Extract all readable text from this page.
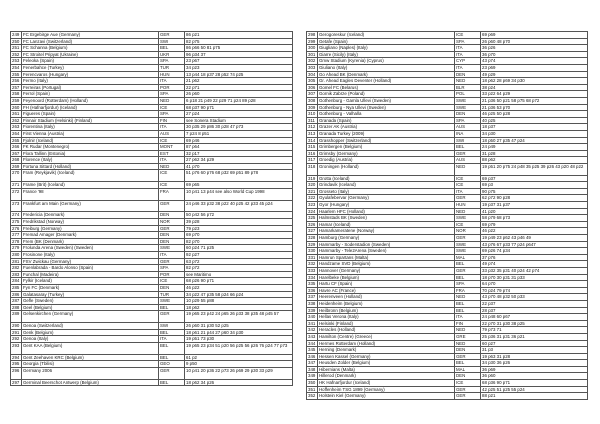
249	FC Ergebirge Aue (Germany)	GER	86 p21
250	FC Lanzavi (Switzerland)	SWI	82 p75
251	FC Schanna (Belgium)	BEL	86 p66 50 81 p75
252	FC Stroitel Pripyat (Ukraine)	UKR	96 p34 37
253	Feleoka (Spain)	SPA	23 p67
254	Fenerbahce (Turkey)	TUR	34 p23
255	Ferencvaros (Hungary)	HUN	13 p44 18 p37 28 p52 74 p25
256	Fermo (Italy)	ITA	21 p62
257	Ferreiras (Portugal)	POR	22 p71
258	Ferrol (Spain)	SPA	26 p60
259	Feyenoord (Rotterdam) (Holland)	NED	6 p18 21 p49 22 p29 71 p24 89 p28
260	FH (Hafnarfjordur) (Iceland)	ICE	68 p37 90 p71
261	Figueres (Spain)	SPA	27 p24
262	Finnair Stadium (Helsinki) (Finland)	FIN	see Sonera Stadium
263	Fiorentina (Italy)	ITA	30 p35 29 p86 30 p28 47 p73
264	First Vienna (Austria)	AUS	7 p24 8 p51
265	Fjolnir (Iceland)	ICE	69 p46
266	FK Rudar (Montenegro)	MONT	87 p64
267	Flora Tallinn (Estonia)	EST	32 p17
268	Florence (Italy)	ITA	27 p62 34 p29
269	Fortuna Sittard (Holland)	NED	41 p70
270	Fram (Reykjavik) (Iceland)	ICE	51 p76 60 p76 68 p32 69 p51 89 p78
271	Frame (Brit) (Iceland)	ICE	69 p65
272	France '98	FRA	10 p41 13 p44 see also World Cup 1998
273	Frankfurt am Main (Germany)	GER	24 p46 33 p32 38 p22 40 p25 42 p33 45 p24
274	Fredericia (Denmark)	DEN	50 p42 56 p72
275	Fredrikstad (Norway)	NOR	39 p28
276	Freiburg (Germany)	GER	79 p23
277	Fremad Amager (Denmark)	DEN	69 p70
278	Frem (BK (Denmark)	DEN	82 p70
279	Frolunda Arena (Sweden) (Sweden)	SWE	60 p24 71 p25
280	Frosinone (Italy)	ITA	92 p27
281	FSV Zwickau (Germany)	GER	63 p72
282	Fuenlabrada - Bardo Alonso (Spain)	SPA	82 p72
283	Funchal (Madeira)	POR	see Maritimo
284	Fylkir (Iceland)	ICE	68 p26 90 p71
285	Fyn FC (Denmark)	DEN	46 p22
286	Galatasaray (Turkey)	TUR	34 p22 47 p35 58 p24 66 p24
287	Gefle (Sweden)	SWE	10 p29 55 p88
288	Geel (Belgium)	BEL	18 p62
289	Gelsenkirchen (Germany)	GER	19 p65 23 p42 24 p65 26 p33 38 p35 48 p45 57
290	Genoa (Switzerland)	SWI	26 p60 31 p30 52 p25
291	Genk (Belgium)	BEL	18 p61 21 p44 27 p60 34 p30
292	Genoa (Italy)	ITA	19 p51 73 p30
293	Gent KAA (Belgium)	BEL	19 p65 23 p34 51 p20 56 p25 56 p26 76 p24 77 p73
294	Gent Zeehaven KRC (Belgium)	BEL	61 p2
295	Georgia (Tbilisi)	GEO	9 p50
296	Germany 2006	GER	10 p41 20 p36 22 p73 26 p69 29 p30 33 p29
297	Germinal Beerschot Antwerp (Belgium)	BEL	18 p62 34 p26
298	Gerogoreskur (Iceland)	ICE	69 p69
299	Getafe (Spain)	SPA	26 p60 48 p70
300	Giugliano (Naples) (Italy)	ITA	36 p26
301	Giarre (Sicily) (Italy)	ITA	36 p70
302	Gmw Stadium (Kyrenia) (Cyprus)	CYP	43 p74
303	Giuliano (Italy)	ITA	23 p69
304	Go Ahead BK (Denmark)	DEN	49 p29
305	Gr. Ahead Eagles Deventer (Holland)	NED	18 p62 28 p69 34 p30
306	Gomel FC (Belarus)	BLR	38 p24
307	Gornik Zabrze (Poland)	POL	33 p22 64 p29
308	Gothenburg - Gamla Ullevi (Sweden)	SWE	21 p36 50 p21 58 p75 68 p72
309	Gothenburg - Nya Ullevi (Sweden)	SWE	21 p36 53 p70
310	Gothenburg - Valhalla	DEN	46 p25 50 p28
311	Granada (Spain)	SPA	40 p25
312	Grazer AK (Austria)	AUS	18 p37
313	Granada Turkey (2009)	INA	34 p30
314	Grasshopper (Switzerland)	SWI	18 p50 27 p35 47 p24
315	Grimbergen (Belgium)	BEL	24 p49
316	Grimsby (Germany)	GER	31 p28
317	Groedig (Austria)	AUS	88 p62
318	Groningen (Holland)	NED	19 p51 20 p75 24 p48 35 p25 39 p26 43 p20 48 p22
319	Grotta (Iceland)	ICE	69 p37
320	Grindavik (Iceland)	ICE	69 p3
321	Grosseto (Italy)	ITA	90 p75
322	Gyulafebervar (Germany)	GER	62 p72 90 p28
323	Gyor (Hungary)	HUN	19 p37 31 p37
324	Haarlem HFC (Holland)	NED	41 p20
325	Halmstads BK (Sweden)	SWE	58 p79 68 p73
326	Hamar (Iceland)	ICE	69 p79
327	Hamarkameratene (Norway)	NOR	46 p22
328	Hamburg (Germany)	GER	19 p49 23 p62 43 p46 49
329	Hammarby - Soderstadion (Sweden)	SWE	43 p76 67 p33 77 p24 p647
330	Hammarby - Tele2Arena (Sweden)	SWE	69 p26 74 p34
331	Hamrun Spartans (Malta)	MAL	37 p76
332	Handzame SVD (Belgium)	BEL	49 p74
333	Hannover (Germany)	GER	33 p32 35 p31 40 p24 42 p74
334	Harelbeke (Belgium)	BEL	18 p70 30 p31 31 p33
335	Hartu CF (Spain)	SPA	64 p70
336	Havre AC (France)	FRA	70 p24 79 p74
337	Heerenveen (Holland)	NED	43 p70 48 p32 50 p33
338	Heidenheim (Belgium)	BEL	22 p37
339	Heilbronn (Belgium)	BEL	28 p37
340	Hellas Verona (Italy)	ITA	24 p48 60 p67
341	Helsinki (Finland)	FIN	22 p70 31 p30 38 p25
342	Heracles (Holland)	NED	79 p73 71
343	Hamilton (Centre) (Greece)	GRE	25 p36 31 p31 36 p21
344	Hermes Rotterdam (Holland)	NED	60 p27
345	Herning (Denmark)	DEN	31 p3
346	Hessen Kassel (Germany)	GER	19 p63 31 p28
347	Heusden Zolder (Belgium)	BEL	34 p30 36 p26
348	Hibernians (Malta)	MAL	36 p69
349	Hillerod (Denmark)	DEN	36 p60
350	HK Hafnarfjordur (Iceland)	ICE	68 p36 90 p71
351	Hoffenheim TSG 1899 (Germany)	GER	42 p25 51 p25 55 p24
352	Holstein Kiel (Germany)	GER	88 p21
